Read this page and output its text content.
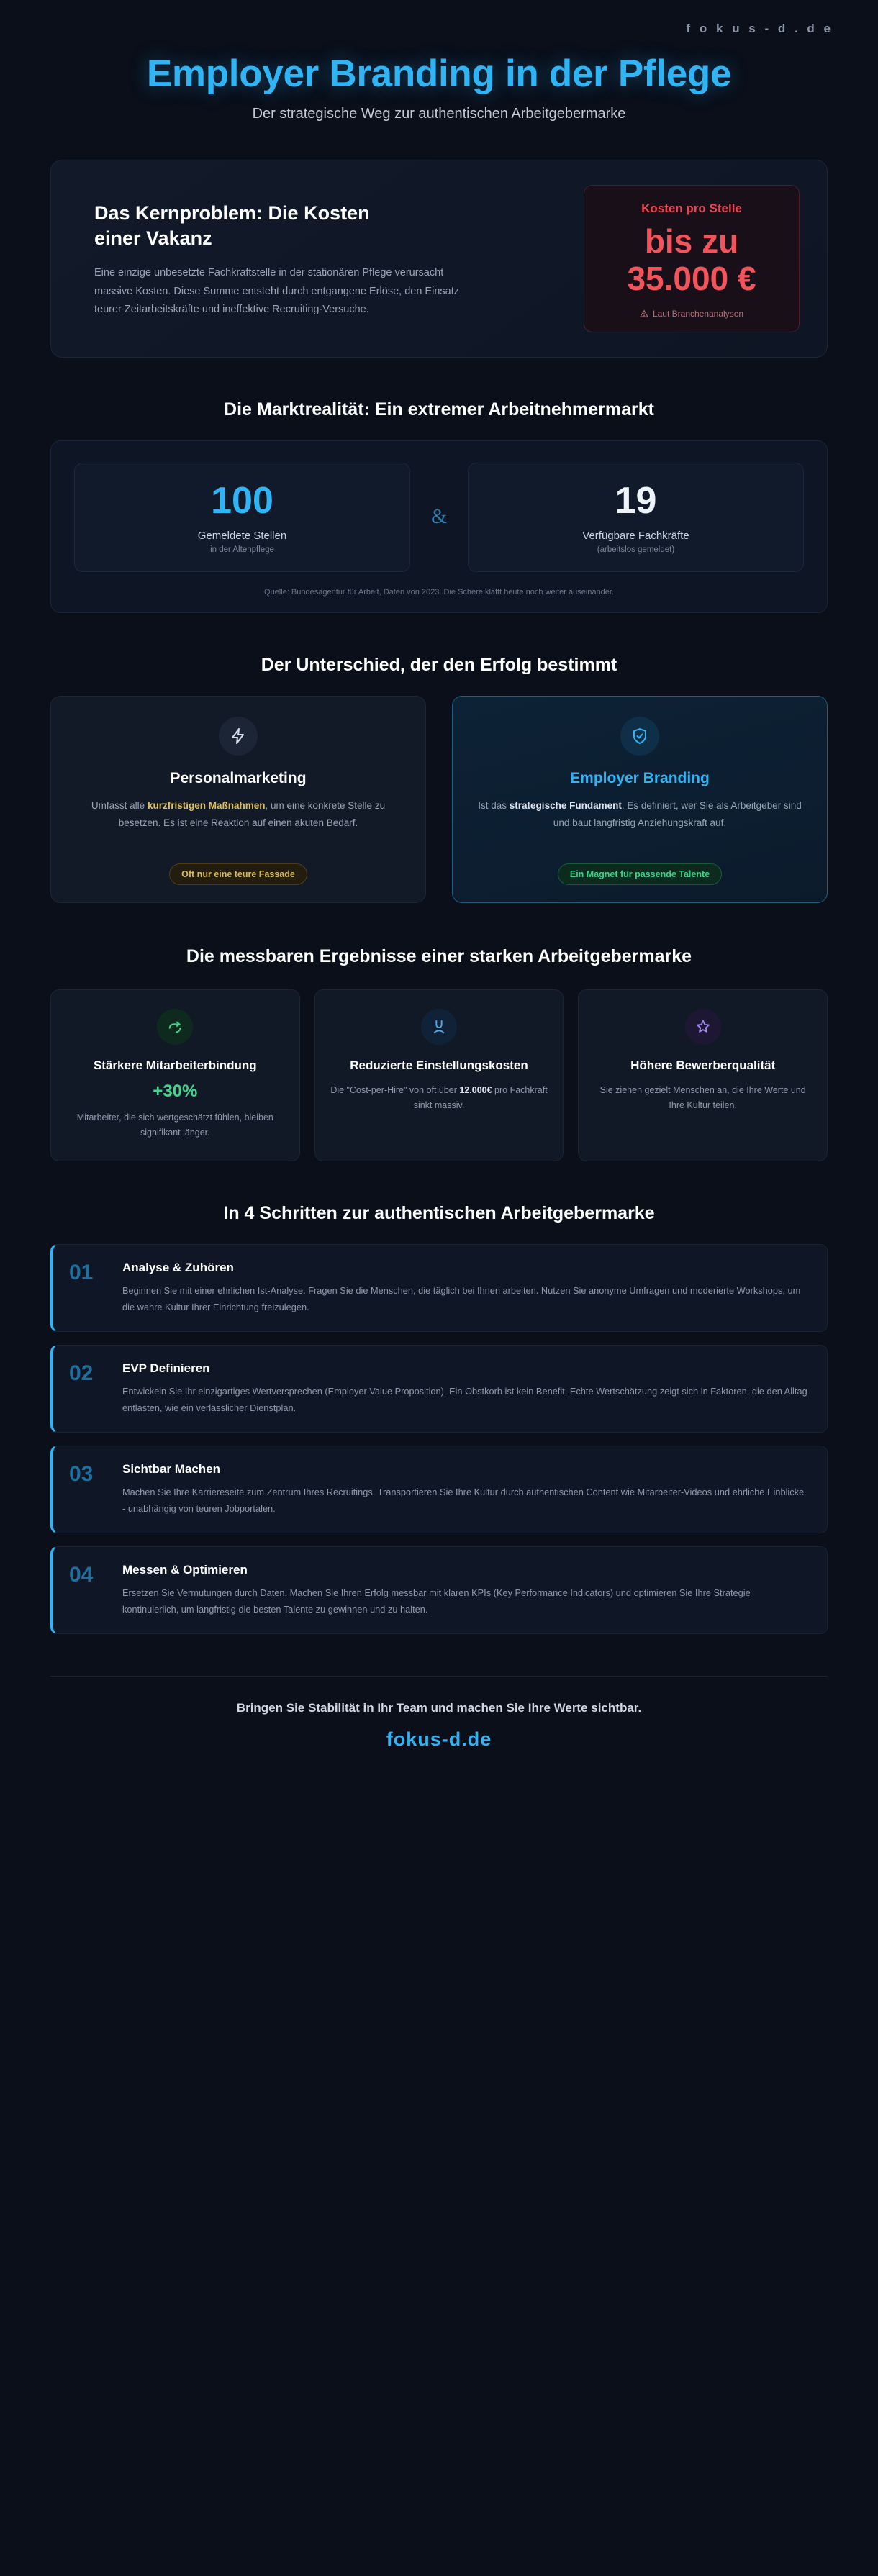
f o k u s - d . d e
Employer Branding in der Pflege
Der strategische Weg zur authentischen Arbeitgebermarke
Das Kernproblem: Die Kosten einer Vakanz

Eine einzige unbesetzte Fachkraftstelle in der stationären Pflege verursacht massive Kosten. Diese Summe entsteht durch entgangene Erlöse, den Einsatz teurer Zeitarbeitskräfte und ineffektive Recruiting-Versuche.

Kosten pro Stelle
bis zu 35.000 €
Laut Branchenanalysen
Die Marktrealität: Ein extremer Arbeitnehmermarkt
100
Gemeldete Stellen
in der Altenpflege
&	19
Verfügbare Fachkräfte
(arbeitslos gemeldet)
Quelle: Bundesagentur für Arbeit, Daten von 2023. Die Schere klafft heute noch weiter auseinander.
Der Unterschied, der den Erfolg bestimmt
Personalmarketing
Umfasst alle kurzfristigen Maßnahmen, um eine konkrete Stelle zu besetzen. Es ist eine Reaktion auf einen akuten Bedarf.
Oft nur eine teure Fassade
Employer Branding
Ist das strategische Fundament. Es definiert, wer Sie als Arbeitgeber sind und baut langfristig Anziehungskraft auf.
Ein Magnet für passende Talente
Die messbaren Ergebnisse einer starken Arbeitgebermarke
Stärkere Mitarbeiterbindung
+30%
Mitarbeiter, die sich wertgeschätzt fühlen, bleiben signifikant länger.
Reduzierte Einstellungskosten
Die "Cost-per-Hire" von oft über 12.000€ pro Fachkraft sinkt massiv.
Höhere Bewerberqualität
Sie ziehen gezielt Menschen an, die Ihre Werte und Ihre Kultur teilen.
In 4 Schritten zur authentischen Arbeitgebermarke
01	Analyse & Zuhören

Beginnen Sie mit einer ehrlichen Ist-Analyse. Fragen Sie die Menschen, die täglich bei Ihnen arbeiten. Nutzen Sie anonyme Umfragen und moderierte Workshops, um die wahre Kultur Ihrer Einrichtung freizulegen.

02	EVP Definieren

Entwickeln Sie Ihr einzigartiges Wertversprechen (Employer Value Proposition). Ein Obstkorb ist kein Benefit. Echte Wertschätzung zeigt sich in Faktoren, die den Alltag entlasten, wie ein verlässlicher Dienstplan.

03	Sichtbar Machen

Machen Sie Ihre Karriereseite zum Zentrum Ihres Recruitings. Transportieren Sie Ihre Kultur durch authentischen Content wie Mitarbeiter-Videos und ehrliche Einblicke - unabhängig von teuren Jobportalen.

04	Messen & Optimieren

Ersetzen Sie Vermutungen durch Daten. Machen Sie Ihren Erfolg messbar mit klaren KPIs (Key Performance Indicators) und optimieren Sie Ihre Strategie kontinuierlich, um langfristig die besten Talente zu gewinnen und zu halten.

Bringen Sie Stabilität in Ihr Team und machen Sie Ihre Werte sichtbar.
fokus-d.de
